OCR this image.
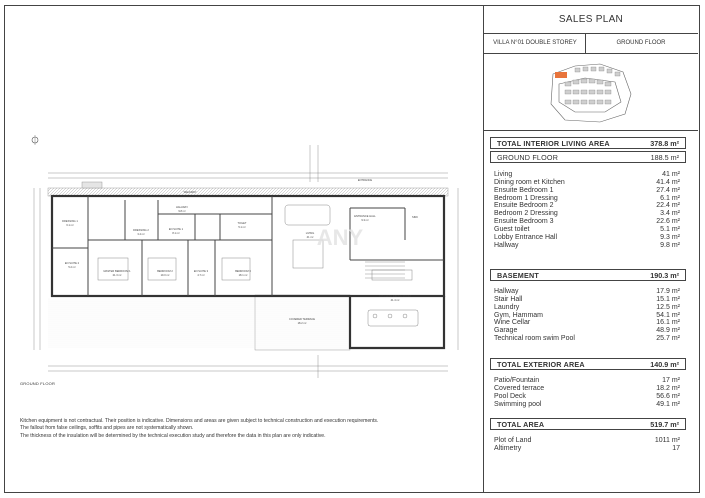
DRESSING 1
6.1 m²
DRESSING 2
3.4 m²
EN SUITE 1
8.1 m²
EN SUITE 2
5.2 m²
HALLWAY
9.8 m²
TOILET
5.1 m²
MASTER BEDROOM 1
21.3 m²
BEDROOM 2
19.0 m²
EN SUITE 3
4.7 m²
BEDROOM 3
18.1 m²
ENTRANCE HALL
9.3 m²
LIVING
41 m²
KITCHEN / DINING ROOM
41.4 m²
COVERED TERRACE
18.2 m²
WALKWAY
ENTRANCE
SINK
ANY
GROUND FLOOR
Kitchen equipment is not contractual. Their position is indicative. Dimensions and areas are given subject to technical construction and execution requirements.
The fallout from false ceilings, soffits and pipes are not systematically shown.
The thickness of the insulation will be determined by the technical execution study and therefore the data in this plan are only indicative.
SALES PLAN
VILLA N°01 DOUBLE STOREY	GROUND FLOOR
TOTAL INTERIOR LIVING AREA	378.8 m²
GROUND FLOOR	188.5 m²
Living	41 m²
Dining room et Kitchen	41.4 m²
Ensuite Bedroom 1	27.4 m²
Bedroom 1 Dressing	6.1 m²
Ensuite Bedroom 2	22.4 m²
Bedroom 2 Dressing	3.4 m²
Ensuite Bedroom 3	22.6 m²
Guest toilet	5.1 m²
Lobby Entrance Hall	9.3 m²
Hallway	9.8 m²
BASEMENT	190.3 m²
Hallway	17.9 m²
Stair Hall	15.1 m²
Laundry	12.5 m²
Gym, Hammam	54.1 m²
Wine Cellar	16.1 m²
Garage	48.9 m²
Technical room swim Pool	25.7 m²
TOTAL EXTERIOR AREA	140.9 m²
Patio/Fountain	17 m²
Covered terrace	18.2 m²
Pool Deck	56.6 m²
Swimming pool	49.1 m²
TOTAL AREA	519.7 m²
Plot of Land	1011 m²
Altimetry	17
